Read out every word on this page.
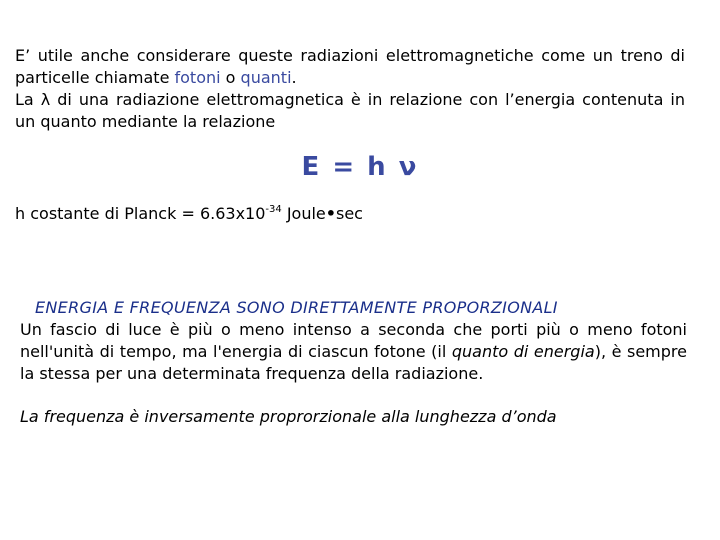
E’ utile anche considerare queste radiazioni elettromagnetiche come un treno di particelle chiamate fotoni o quanti.
La λ di una radiazione elettromagnetica è in relazione con l’energia contenuta in un quanto mediante la relazione
E = h ν
h costante di Planck = $6.63x10^{-34}$ Joule•sec
ENERGIA E FREQUENZA SONO DIRETTAMENTE PROPORZIONALI
Un fascio di luce è più o meno intenso a seconda che porti più o meno fotoni nell'unità di tempo, ma l'energia di ciascun fotone (il quanto di energia), è sempre la stessa per una determinata frequenza della radiazione.
La frequenza è inversamente proprorzionale alla lunghezza d’onda
